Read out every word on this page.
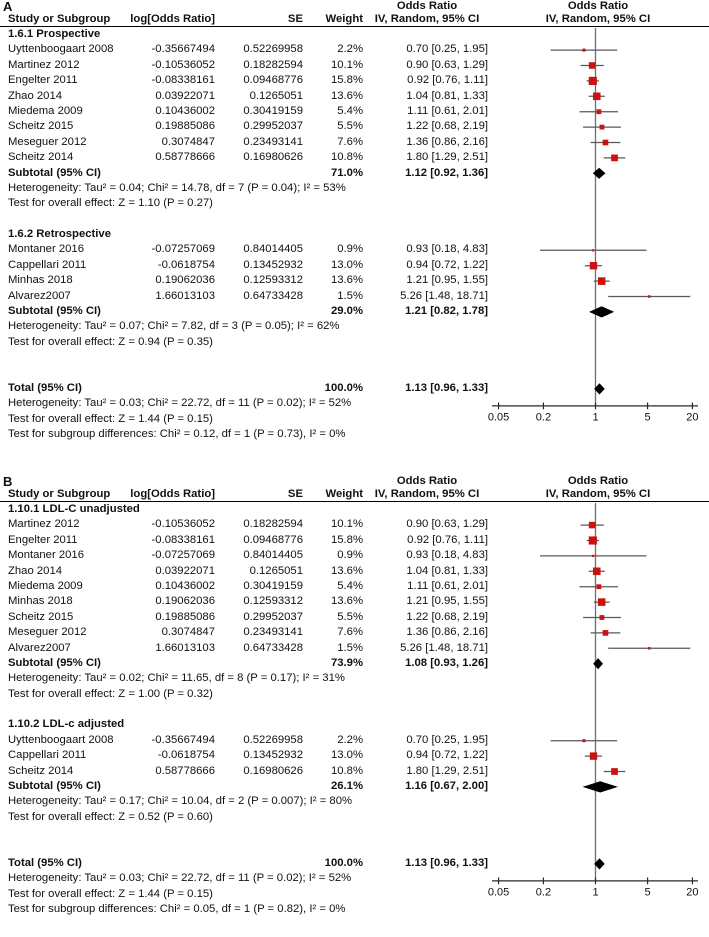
A	Odds Ratio	Odds Ratio
Study or Subgroup	log[Odds Ratio]	SE	Weight	IV, Random, 95% CI	IV, Random, 95% CI
1.6.1 Prospective
Uyttenboogaart 2008	-0.35667494	0.52269958	2.2%	0.70 [0.25, 1.95]
Martinez 2012	-0.10536052	0.18282594	10.1%	0.90 [0.63, 1.29]
Engelter 2011	-0.08338161	0.09468776	15.8%	0.92 [0.76, 1.11]
Zhao 2014	0.03922071	0.1265051	13.6%	1.04 [0.81, 1.33]
Miedema 2009	0.10436002	0.30419159	5.4%	1.11 [0.61, 2.01]
Scheitz 2015	0.19885086	0.29952037	5.5%	1.22 [0.68, 2.19]
Meseguer 2012	0.3074847	0.23493141	7.6%	1.36 [0.86, 2.16]
Scheitz 2014	0.58778666	0.16980626	10.8%	1.80 [1.29, 2.51]
Subtotal (95% CI)	71.0%	1.12 [0.92, 1.36]
Heterogeneity: Tau² = 0.04; Chi² = 14.78, df = 7 (P = 0.04); I² = 53%
Test for overall effect: Z = 1.10 (P = 0.27)
1.6.2 Retrospective
Montaner 2016	-0.07257069	0.84014405	0.9%	0.93 [0.18, 4.83]
Cappellari 2011	-0.0618754	0.13452932	13.0%	0.94 [0.72, 1.22]
Minhas 2018	0.19062036	0.12593312	13.6%	1.21 [0.95, 1.55]
Alvarez2007	1.66013103	0.64733428	1.5%	5.26 [1.48, 18.71]
Subtotal (95% CI)	29.0%	1.21 [0.82, 1.78]
Heterogeneity: Tau² = 0.07; Chi² = 7.82, df = 3 (P = 0.05); I² = 62%
Test for overall effect: Z = 0.94 (P = 0.35)
Total (95% CI)	100.0%	1.13 [0.96, 1.33]
Heterogeneity: Tau² = 0.03; Chi² = 22.72, df = 11 (P = 0.02); I² = 52%
Test for overall effect: Z = 1.44 (P = 0.15)
Test for subgroup differences: Chi² = 0.12, df = 1 (P = 0.73), I² = 0%
0.05 0.2	1	5	20
B	Odds Ratio	Odds Ratio
Study or Subgroup	log[Odds Ratio]	SE	Weight	IV, Random, 95% CI	IV, Random, 95% CI
1.10.1 LDL-C unadjusted
Martinez 2012	-0.10536052	0.18282594	10.1%	0.90 [0.63, 1.29]
Engelter 2011	-0.08338161	0.09468776	15.8%	0.92 [0.76, 1.11]
Montaner 2016	-0.07257069	0.84014405	0.9%	0.93 [0.18, 4.83]
Zhao 2014	0.03922071	0.1265051	13.6%	1.04 [0.81, 1.33]
Miedema 2009	0.10436002	0.30419159	5.4%	1.11 [0.61, 2.01]
Minhas 2018	0.19062036	0.12593312	13.6%	1.21 [0.95, 1.55]
Scheitz 2015	0.19885086	0.29952037	5.5%	1.22 [0.68, 2.19]
Meseguer 2012	0.3074847	0.23493141	7.6%	1.36 [0.86, 2.16]
Alvarez2007	1.66013103	0.64733428	1.5%	5.26 [1.48, 18.71]
Subtotal (95% CI)	73.9%	1.08 [0.93, 1.26]
Heterogeneity: Tau² = 0.02; Chi² = 11.65, df = 8 (P = 0.17); I² = 31%
Test for overall effect: Z = 1.00 (P = 0.32)
1.10.2 LDL-c adjusted
Uyttenboogaart 2008	-0.35667494	0.52269958	2.2%	0.70 [0.25, 1.95]
Cappellari 2011	-0.0618754	0.13452932	13.0%	0.94 [0.72, 1.22]
Scheitz 2014	0.58778666	0.16980626	10.8%	1.80 [1.29, 2.51]
Subtotal (95% CI)	26.1%	1.16 [0.67, 2.00]
Heterogeneity: Tau² = 0.17; Chi² = 10.04, df = 2 (P = 0.007); I² = 80%
Test for overall effect: Z = 0.52 (P = 0.60)
Total (95% CI)	100.0%	1.13 [0.96, 1.33]
Heterogeneity: Tau² = 0.03; Chi² = 22.72, df = 11 (P = 0.02); I² = 52%
Test for overall effect: Z = 1.44 (P = 0.15)
Test for subgroup differences: Chi² = 0.05, df = 1 (P = 0.82), I² = 0%
0.05 0.2	1	5	20
